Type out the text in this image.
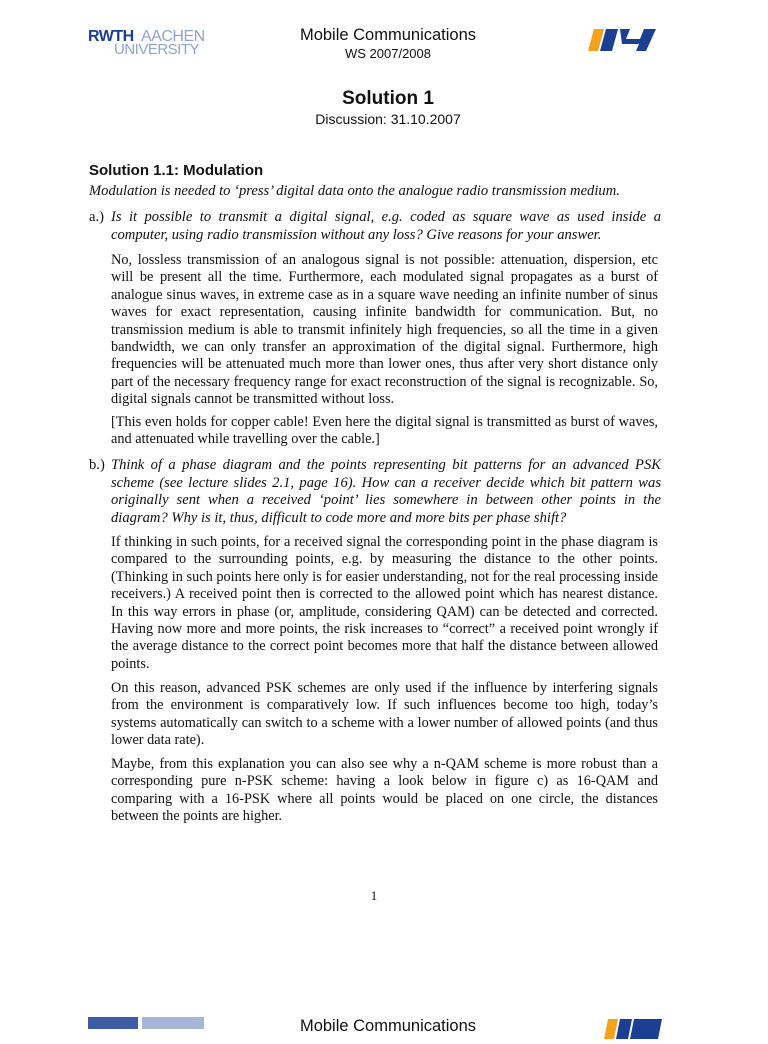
RWTH AACHEN
UNIVERSITY
Mobile Communications
WS 2007/2008
Solution 1
Discussion: 31.10.2007
Solution 1.1: Modulation
Modulation is needed to ‘press’ digital data onto the analogue radio transmission medium.
a.) Is it possible to transmit a digital signal, e.g. coded as square wave as used inside a computer, using radio transmission without any loss? Give reasons for your answer.

No, lossless transmission of an analogous signal is not possible: attenuation, dispersion, etc will be present all the time. Furthermore, each modulated signal propagates as a burst of analogue sinus waves, in extreme case as in a square wave needing an infinite number of sinus waves for exact representation, causing infinite bandwidth for communication. But, no transmission medium is able to transmit infinitely high frequencies, so all the time in a given bandwidth, we can only transfer an approximation of the digital signal. Furthermore, high frequencies will be attenuated much more than lower ones, thus after very short distance only part of the necessary frequency range for exact reconstruction of the signal is recognizable. So, digital signals cannot be transmitted without loss.

[This even holds for copper cable! Even here the digital signal is transmitted as burst of waves, and attenuated while travelling over the cable.]

b.) Think of a phase diagram and the points representing bit patterns for an advanced PSK scheme (see lecture slides 2.1, page 16). How can a receiver decide which bit pattern was originally sent when a received ‘point’ lies somewhere in between other points in the diagram? Why is it, thus, difficult to code more and more bits per phase shift?

If thinking in such points, for a received signal the corresponding point in the phase diagram is compared to the surrounding points, e.g. by measuring the distance to the other points. (Thinking in such points here only is for easier understanding, not for the real processing inside receivers.) A received point then is corrected to the allowed point which has nearest distance. In this way errors in phase (or, amplitude, considering QAM) can be detected and corrected. Having now more and more points, the risk increases to “correct” a received point wrongly if the average distance to the correct point becomes more that half the distance between allowed points.

On this reason, advanced PSK schemes are only used if the influence by interfering signals from the environment is comparatively low. If such influences become too high, today’s systems automatically can switch to a scheme with a lower number of allowed points (and thus lower data rate).

Maybe, from this explanation you can also see why a n-QAM scheme is more robust than a corresponding pure n-PSK scheme: having a look below in figure c) as 16-QAM and comparing with a 16-PSK where all points would be placed on one circle, the distances between the points are higher.

1
Mobile Communications
